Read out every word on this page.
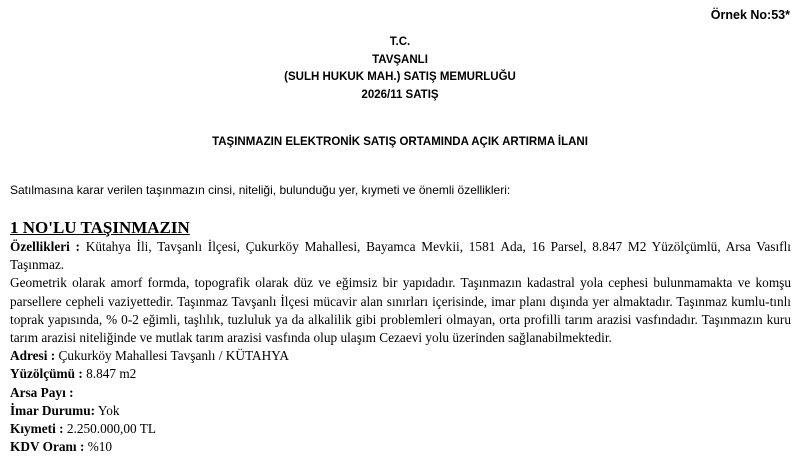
Örnek No:53*
T.C.
TAVŞANLI
(SULH HUKUK MAH.) SATIŞ MEMURLUĞU
2026/11 SATIŞ
TAŞINMAZIN ELEKTRONİK SATIŞ ORTAMINDA AÇIK ARTIRMA İLANI
Satılmasına karar verilen taşınmazın cinsi, niteliği, bulunduğu yer, kıymeti ve önemli özellikleri:
1 NO'LU TAŞINMAZIN
Özellikleri : Kütahya İli, Tavşanlı İlçesi, Çukurköy Mahallesi, Bayamca Mevkii, 1581 Ada, 16 Parsel, 8.847 M2 Yüzölçümlü, Arsa Vasıflı Taşınmaz.
Geometrik olarak amorf formda, topografik olarak düz ve eğimsiz bir yapıdadır. Taşınmazın kadastral yola cephesi bulunmamakta ve komşu parsellere cepheli vaziyettedir. Taşınmaz Tavşanlı İlçesi mücavir alan sınırları içerisinde, imar planı dışında yer almaktadır. Taşınmaz kumlu-tınlı toprak yapısında, % 0-2 eğimli, taşlılık, tuzluluk ya da alkalilik gibi problemleri olmayan, orta profilli tarım arazisi vasfındadır. Taşınmazın kuru tarım arazisi niteliğinde ve mutlak tarım arazisi vasfında olup ulaşım Cezaevi yolu üzerinden sağlanabilmektedir.
Adresi : Çukurköy Mahallesi Tavşanlı / KÜTAHYA
Yüzölçümü : 8.847 m2
Arsa Payı :
İmar Durumu: Yok
Kıymeti : 2.250.000,00 TL
KDV Oranı : %10
